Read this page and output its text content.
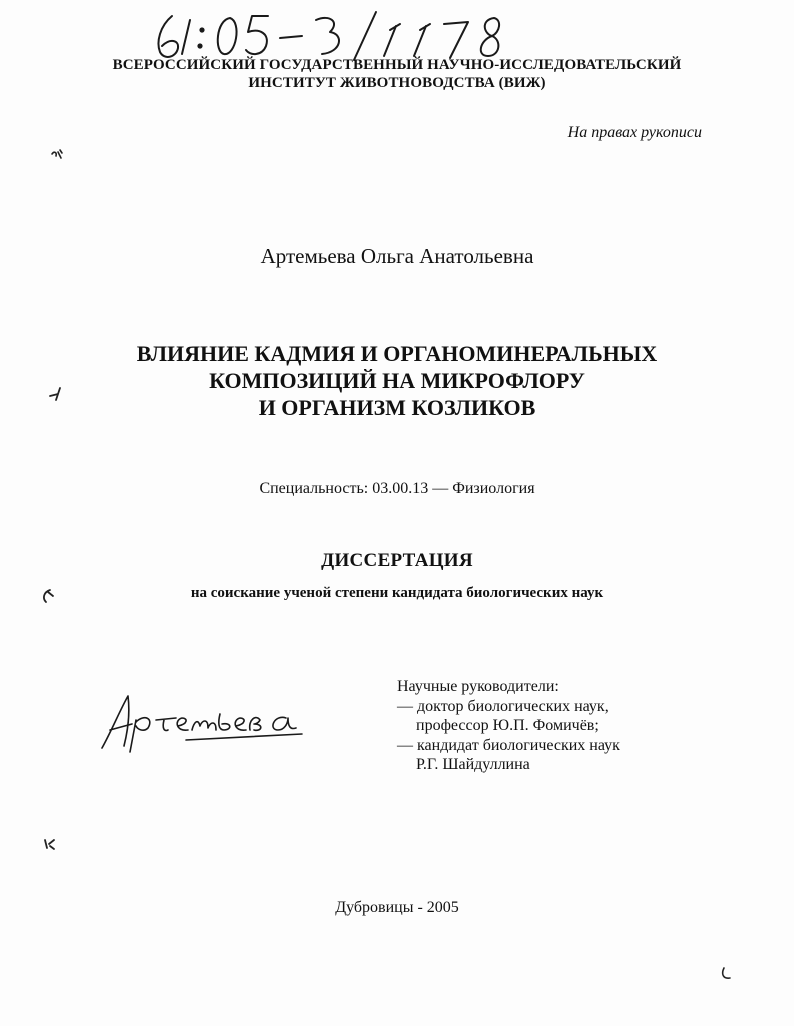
ВСЕРОССИЙСКИЙ ГОСУДАРСТВЕННЫЙ НАУЧНО-ИССЛЕДОВАТЕЛЬСКИЙ
ИНСТИТУТ ЖИВОТНОВОДСТВА (ВИЖ)
На правах рукописи
Артемьева Ольга Анатольевна
ВЛИЯНИЕ КАДМИЯ И ОРГАНОМИНЕРАЛЬНЫХ
КОМПОЗИЦИЙ НА МИКРОФЛОРУ
И ОРГАНИЗМ КОЗЛИКОВ
Специальность: 03.00.13 — Физиология
ДИССЕРТАЦИЯ
на соискание ученой степени кандидата биологических наук
Научные руководители:
— доктор биологических наук,
профессор Ю.П. Фомичёв;
— кандидат биологических наук
Р.Г. Шайдуллина
Дубровицы - 2005
